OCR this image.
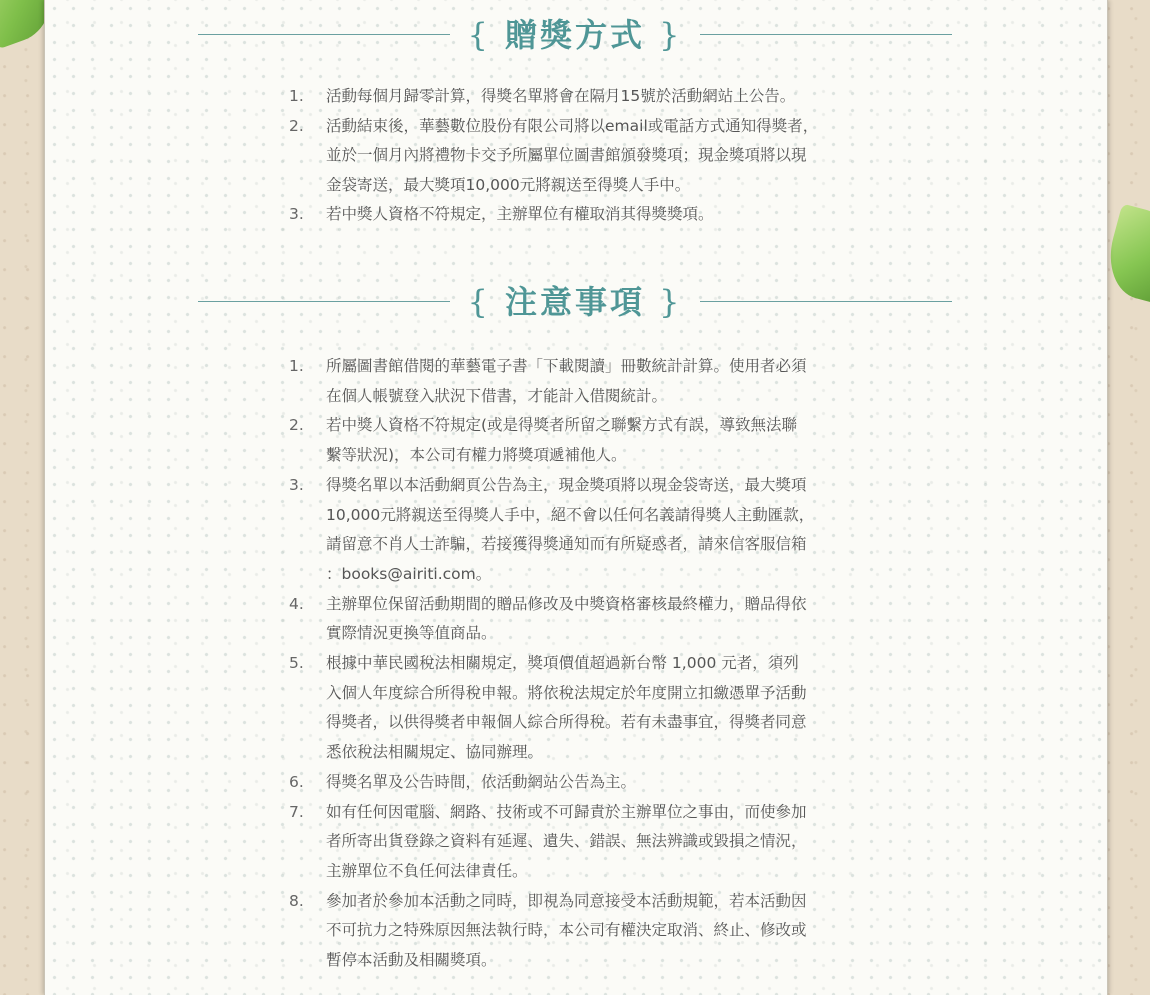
{ 贈獎方式 }
1.	活動每個月歸零計算，得獎名單將會在隔月15號於活動網站上公告。
2.	活動結束後，華藝數位股份有限公司將以email或電話方式通知得獎者，
並於一個月內將禮物卡交予所屬單位圖書館頒發獎項；現金獎項將以現
金袋寄送，最大獎項10,000元將親送至得獎人手中。
3.	若中獎人資格不符規定，主辦單位有權取消其得獎獎項。
{ 注意事項 }
1.	所屬圖書館借閱的華藝電子書「下載閱讀」冊數統計計算。使用者必須
在個人帳號登入狀況下借書，才能計入借閱統計。
2.	若中獎人資格不符規定(或是得獎者所留之聯繫方式有誤，導致無法聯
繫等狀況)，本公司有權力將獎項遞補他人。
3.	得獎名單以本活動網頁公告為主，現金獎項將以現金袋寄送，最大獎項
10,000元將親送至得獎人手中，絕不會以任何名義請得獎人主動匯款，
請留意不肖人士詐騙，若接獲得獎通知而有所疑惑者，請來信客服信箱
：books@airiti.com。
4.	主辦單位保留活動期間的贈品修改及中獎資格審核最終權力，贈品得依
實際情況更換等值商品。
5.	根據中華民國稅法相關規定，獎項價值超過新台幣 1,000 元者，須列
入個人年度綜合所得稅申報。將依稅法規定於年度開立扣繳憑單予活動
得獎者，以供得獎者申報個人綜合所得稅。若有未盡事宜，得獎者同意
悉依稅法相關規定、協同辦理。
6.	得獎名單及公告時間，依活動網站公告為主。
7.	如有任何因電腦、網路、技術或不可歸責於主辦單位之事由，而使參加
者所寄出貨登錄之資料有延遲、遺失、錯誤、無法辨識或毀損之情況，
主辦單位不負任何法律責任。
8.	參加者於參加本活動之同時，即視為同意接受本活動規範，若本活動因
不可抗力之特殊原因無法執行時，本公司有權決定取消、終止、修改或
暫停本活動及相關獎項。
